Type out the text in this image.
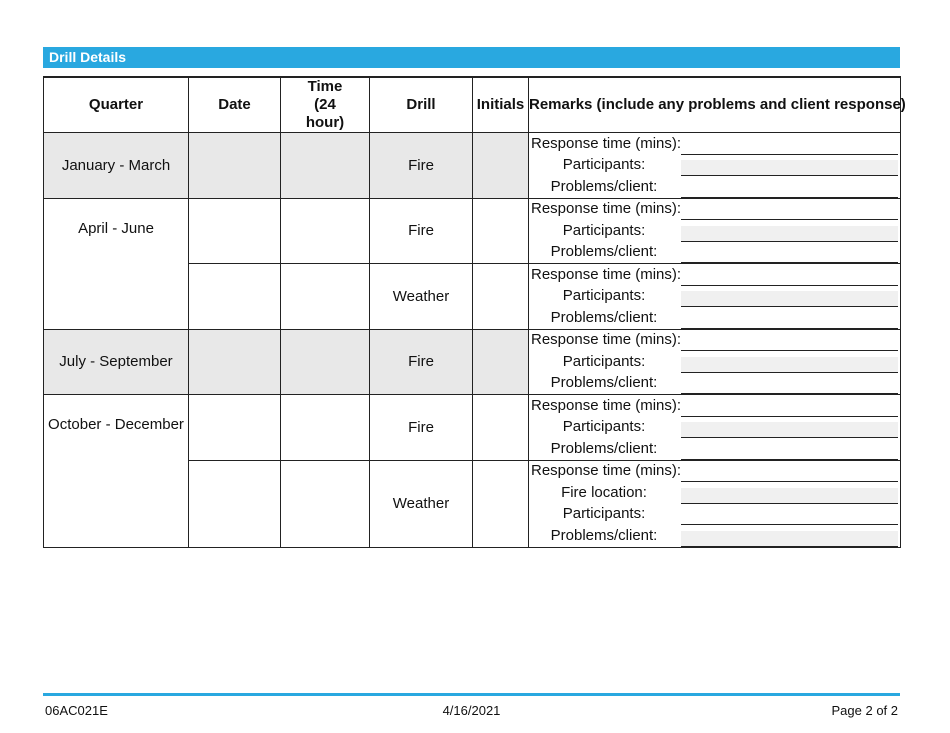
Drill Details
Quarter	Date	Time (24 hour)	Drill	Initials	Remarks (include any problems and client response)
January - March			Fire		Response time (mins):
Participants:
Problems/client:

April - June			Fire		Response time (mins):
Participants:
Problems/client:

			Weather		Response time (mins):
Participants:
Problems/client:

July - September			Fire		Response time (mins):
Participants:
Problems/client:

October - December			Fire		Response time (mins):
Participants:
Problems/client:

			Weather		Response time (mins):
Fire location:
Participants:
Problems/client:
06AC021E	4/16/2021	Page 2 of 2
